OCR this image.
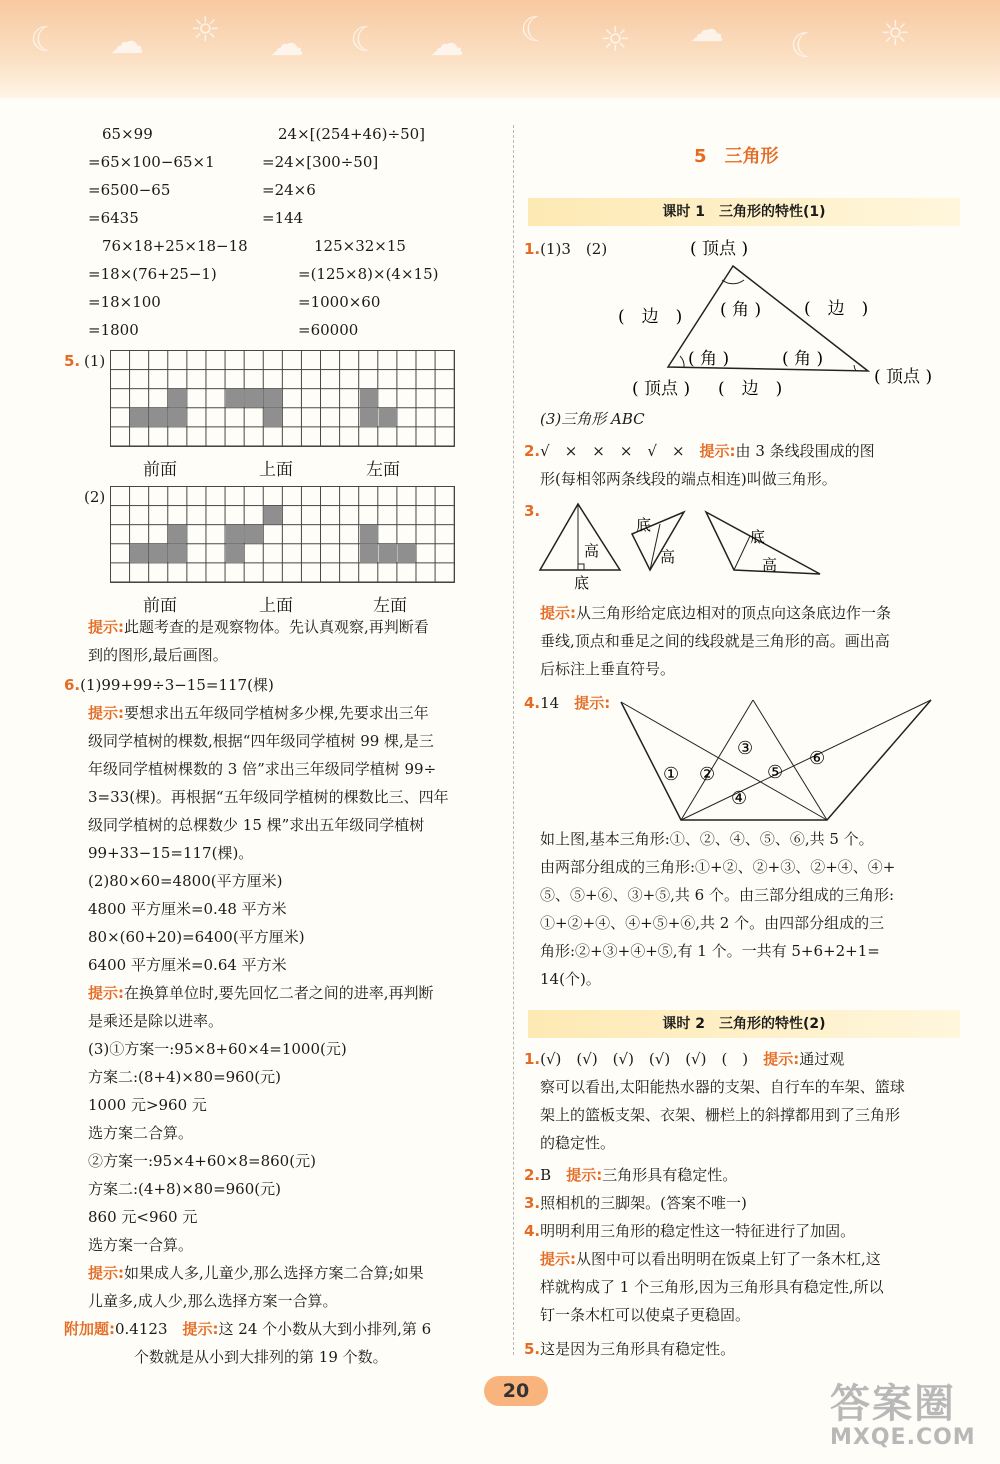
☾ ☁ ☼ ☁ ☾ ☁ ☾ ☼ ☁ ☾ ☼
65×99	24×[(254+46)÷50]
=65×100−65×1	=24×[300÷50]
=6500−65	=24×6
=6435	=144
76×18+25×18−18	125×32×15
=18×(76+25−1)	=(125×8)×(4×15)
=18×100	=1000×60
=1800	=60000
5. (1)
前面	上面	左面
(2)
前面	上面	左面
提示:此题考查的是观察物体。先认真观察,再判断看
到的图形,最后画图。
6.(1)99+99÷3−15=117(棵)
提示:要想求出五年级同学植树多少棵,先要求出三年
级同学植树的棵数,根据“四年级同学植树 99 棵,是三
年级同学植树棵数的 3 倍”求出三年级同学植树 99÷
3=33(棵)。再根据“五年级同学植树的棵数比三、四年
级同学植树的总棵数少 15 棵”求出五年级同学植树
99+33−15=117(棵)。
(2)80×60=4800(平方厘米)
4800 平方厘米=0.48 平方米
80×(60+20)=6400(平方厘米)
6400 平方厘米=0.64 平方米
提示:在换算单位时,要先回忆二者之间的进率,再判断
是乘还是除以进率。
(3)①方案一:95×8+60×4=1000(元)
方案二:(8+4)×80=960(元)
1000 元>960 元
选方案二合算。
②方案一:95×4+60×8=860(元)
方案二:(4+8)×80=960(元)
860 元<960 元
选方案一合算。
提示:如果成人多,儿童少,那么选择方案二合算;如果
儿童多,成人少,那么选择方案一合算。
附加题:0.4123　 提示:这 24 个小数从大到小排列,第 6
个数就是从小到大排列的第 19 个数。
5　三角形
课时 1　三角形的特性(1)
1.(1)3　(2)	( 顶点 )
(　边　)	(　边　)
( 角 )
( 角 )	( 角 )
( 顶点 ) (　边　)
( 顶点 )
(3)三角形 ABC
2.√　×　×　×　√　×　 提示:由 3 条线段围成的图
形(每相邻两条线段的端点相连)叫做三角形。
3.
高
底
底
高
底
高
提示:从三角形给定底边相对的顶点向这条底边作一条
垂线,顶点和垂足之间的线段就是三角形的高。画出高
后标注上垂直符号。
4.14　 提示:
① ②
③
④
⑤
⑥
如上图,基本三角形:①、②、④、⑤、⑥,共 5 个。
由两部分组成的三角形:①+②、②+③、②+④、④+
⑤、⑤+⑥、③+⑤,共 6 个。由三部分组成的三角形:
①+②+④、④+⑤+⑥,共 2 个。由四部分组成的三
角形:②+③+④+⑤,有 1 个。一共有 5+6+2+1=
14(个)。
课时 2　三角形的特性(2)
1.(√)　(√)　(√)　(√)　(√)　(　)　 提示:通过观
察可以看出,太阳能热水器的支架、自行车的车架、篮球
架上的篮板支架、衣架、栅栏上的斜撑都用到了三角形
的稳定性。
2.B　 提示:三角形具有稳定性。
3.照相机的三脚架。(答案不唯一)
4.明明利用三角形的稳定性这一特征进行了加固。
提示:从图中可以看出明明在饭桌上钉了一条木杠,这
样就构成了 1 个三角形,因为三角形具有稳定性,所以
钉一条木杠可以使桌子更稳固。
5.这是因为三角形具有稳定性。
20	答案圈
MXQE.COM
